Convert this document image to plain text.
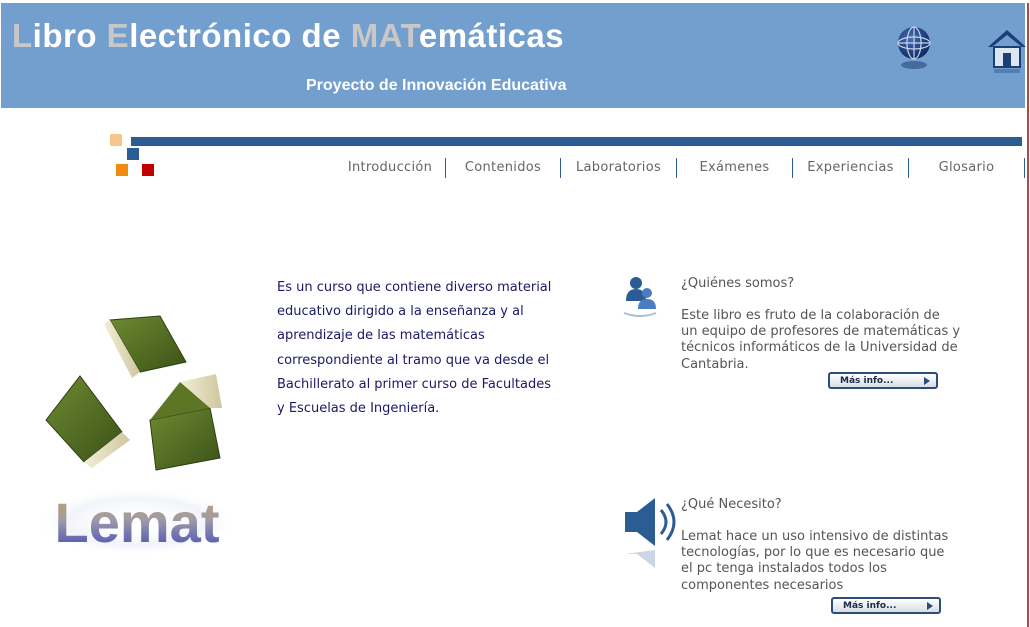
Libro Electrónico de MATemáticas
Proyecto de Innovación Educativa
Introducción	Contenidos	Laboratorios	Exámenes	Experiencias	Glosario
Lemat
Es un curso que contiene diverso material
educativo dirigido a la enseñanza y al
aprendizaje de las matemáticas
correspondiente al tramo que va desde el
Bachillerato al primer curso de Facultades
y Escuelas de Ingeniería.
¿Quiénes somos?
Este libro es fruto de la colaboración de
un equipo de profesores de matemáticas y
técnicos informáticos de la Universidad de
Cantabria.
Más info...
¿Qué Necesito?
Lemat hace un uso intensivo de distintas
tecnologías, por lo que es necesario que
el pc tenga instalados todos los
componentes necesarios
Más info...
